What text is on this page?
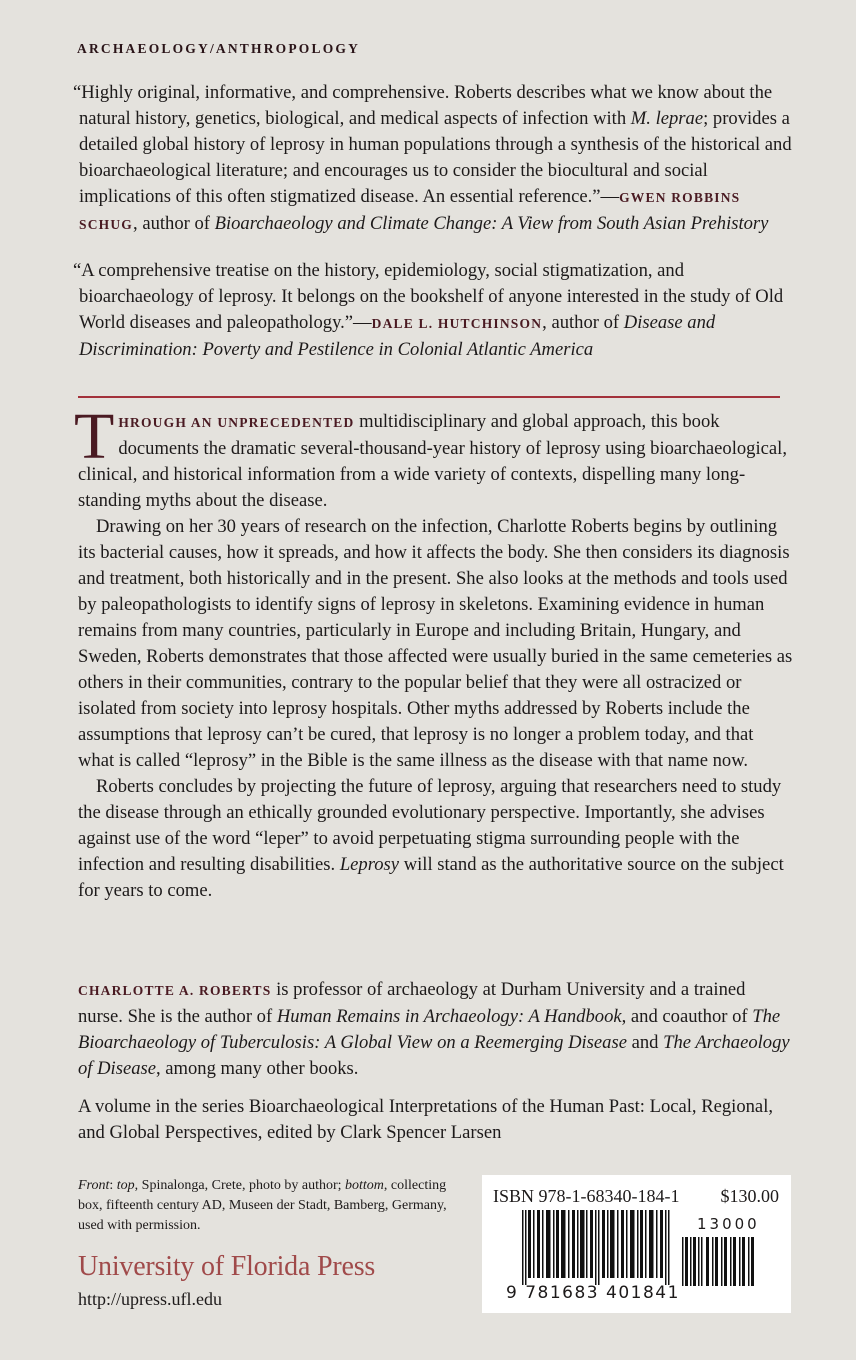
ARCHAEOLOGY/ANTHROPOLOGY
“Highly original, informative, and comprehensive. Roberts describes what we know about the natural history, genetics, biological, and medical aspects of infection with M. leprae; provides a detailed global history of leprosy in human populations through a synthesis of the historical and bioarchaeological literature; and encourages us to consider the biocultural and social implications of this often stigmatized disease. An essential reference.”—GWEN ROBBINS SCHUG, author of Bioarchaeology and Climate Change: A View from South Asian Prehistory
“A comprehensive treatise on the history, epidemiology, social stigmatization, and bioarchaeology of leprosy. It belongs on the bookshelf of anyone interested in the study of Old World diseases and paleopathology.”—DALE L. HUTCHINSON, author of Disease and Discrimination: Poverty and Pestilence in Colonial Atlantic America

THROUGH AN UNPRECEDENTED multidisciplinary and global approach, this book documents the dramatic several-thousand-year history of leprosy using bioarchaeological, clinical, and historical information from a wide variety of contexts, dispelling many long-standing myths about the disease.

Drawing on her 30 years of research on the infection, Charlotte Roberts begins by outlining its bacterial causes, how it spreads, and how it affects the body. She then considers its diagnosis and treatment, both historically and in the present. She also looks at the methods and tools used by paleopathologists to identify signs of leprosy in skeletons. Examining evidence in human remains from many countries, particularly in Europe and including Britain, Hungary, and Sweden, Roberts demonstrates that those affected were usually buried in the same cemeteries as others in their communities, contrary to the popular belief that they were all ostracized or isolated from society into leprosy hospitals. Other myths addressed by Roberts include the assumptions that leprosy can’t be cured, that leprosy is no longer a problem today, and that what is called “leprosy” in the Bible is the same illness as the disease with that name now.

Roberts concludes by projecting the future of leprosy, arguing that researchers need to study the disease through an ethically grounded evolutionary perspective. Importantly, she advises against use of the word “leper” to avoid perpetuating stigma surrounding people with the infection and resulting disabilities. Leprosy will stand as the authoritative source on the subject for years to come.

CHARLOTTE A. ROBERTS is professor of archaeology at Durham University and a trained nurse. She is the author of Human Remains in Archaeology: A Handbook, and coauthor of The Bioarchaeology of Tuberculosis: A Global View on a Reemerging Disease and The Archaeology of Disease, among many other books.
A volume in the series Bioarchaeological Interpretations of the Human Past: Local, Regional, and Global Perspectives, edited by Clark Spencer Larsen
Front: top, Spinalonga, Crete, photo by author; bottom, collecting box, fifteenth century AD, Museen der Stadt, Bamberg, Germany, used with permission.
University of Florida Press
http://upress.ufl.edu
ISBN 978-1-68340-184-1 $130.00
9 781683 401841
13000
